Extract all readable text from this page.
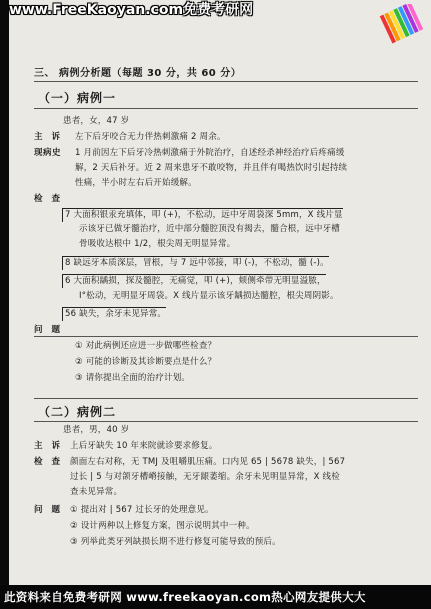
www.FreeKaoyan.com免费考研网
三、 病例分析题（每题 30 分，共 60 分）
（一）病例一
患者，女，47 岁
主 诉 左下后牙咬合无力伴热刺激痛 2 周余。
现病史 1 月前因左下后牙冷热刺激痛于外院治疗，自述经杀神经治疗后疼痛缓
解，2 天后补牙。近 2 周来患牙不敢咬物，并且伴有喝热饮时引起持续
性痛，半小时左右后开始缓解。
检 查
7 大面积银汞充填体，叩 (+)，不松动，远中牙周袋深 5mm，X 线片显
示该牙已做牙髓治疗，近中部分髓腔顶没有揭去，髓合根，远中牙槽
骨吸收达根中 1/2，根尖周无明显异常。
8 缺远牙本质深层，冒根，与 7 远中邻接，叩 (-)，不松动，髓 (-)。
6 大面积龋损，探及髓腔，无痛觉，叩 (+)，颊侧牵带无明显溢脓，
I°松动，无明显牙周袋。X 线片显示该牙龋损达髓腔，根尖周阴影。
56 缺失，余牙未见异常。
问 题
① 对此病例还应进一步做哪些检查？
② 可能的诊断及其诊断要点是什么？
③ 请你提出全面的治疗计划。
（二）病例二
患者，男，40 岁
主 诉 上后牙缺失 10 年来院就诊要求修复。
检 查 颜面左右对称，无 TMJ 及咀嚼肌压痛。口内见 65 | 5678 缺失，| 567
过长 | 5 与对颌牙槽嵴接触，无牙龈萎缩。余牙未见明显异常，X 线检
查未见异常。
问 题 ① 提出对 | 567 过长牙的处理意见。
② 设计两种以上修复方案，图示说明其中一种。
③ 列举此类牙列缺损长期不进行修复可能导致的预后。
此资料来自免费考研网 www.freekaoyan.com热心网友提供大大
